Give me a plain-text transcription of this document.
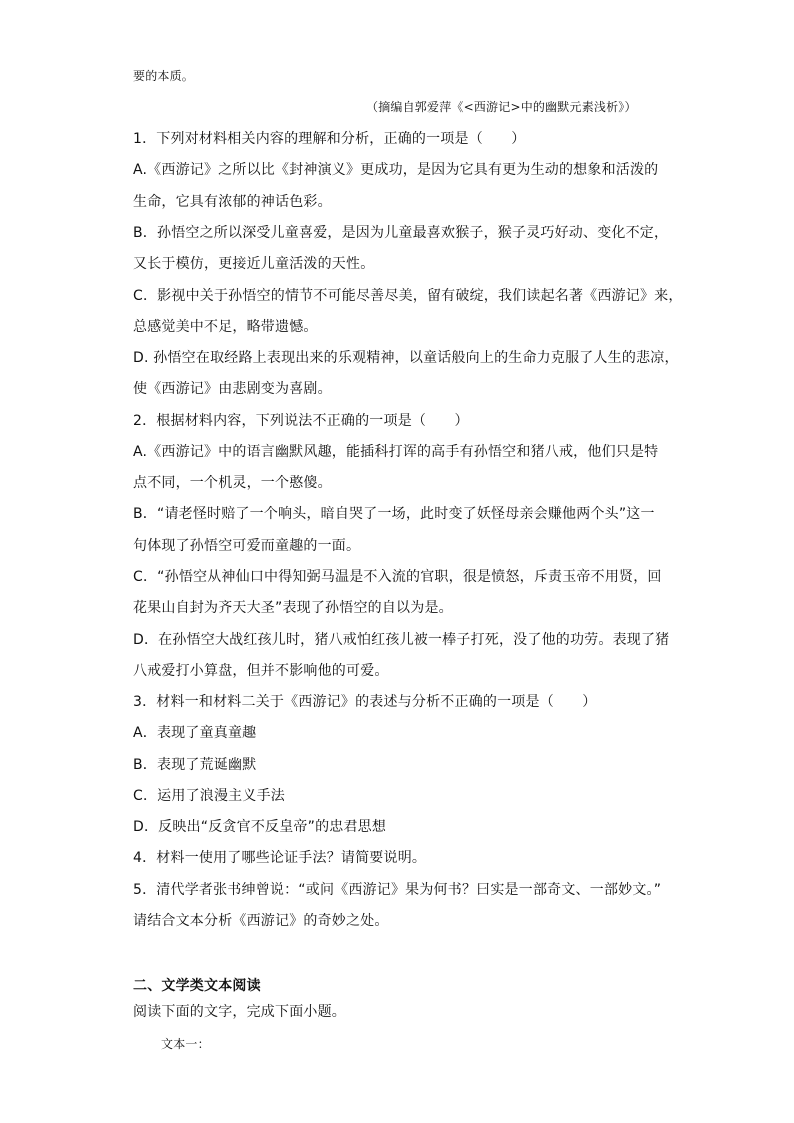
要的本质。
（摘编自郭爱萍《<西游记>中的幽默元素浅析》）
1．下列对材料相关内容的理解和分析，正确的一项是（　　）
A.《西游记》之所以比《封神演义》更成功，是因为它具有更为生动的想象和活泼的
生命，它具有浓郁的神话色彩。
B．孙悟空之所以深受儿童喜爱，是因为儿童最喜欢猴子，猴子灵巧好动、变化不定，
又长于模仿，更接近儿童活泼的天性。
C．影视中关于孙悟空的情节不可能尽善尽美，留有破绽，我们读起名著《西游记》来，
总感觉美中不足，略带遗憾。
D. 孙悟空在取经路上表现出来的乐观精神，以童话般向上的生命力克服了人生的悲凉，
使《西游记》由悲剧变为喜剧。
2．根据材料内容，下列说法不正确的一项是（　　）
A.《西游记》中的语言幽默风趣，能插科打诨的高手有孙悟空和猪八戒，他们只是特
点不同，一个机灵，一个憨傻。
B．“请老怪时赔了一个响头，暗自哭了一场，此时变了妖怪母亲会赚他两个头”这一
句体现了孙悟空可爱而童趣的一面。
C．“孙悟空从神仙口中得知弼马温是不入流的官职，很是愤怒，斥责玉帝不用贤，回
花果山自封为齐天大圣”表现了孙悟空的自以为是。
D．在孙悟空大战红孩儿时，猪八戒怕红孩儿被一棒子打死，没了他的功劳。表现了猪
八戒爱打小算盘，但并不影响他的可爱。
3．材料一和材料二关于《西游记》的表述与分析不正确的一项是（　　）
A．表现了童真童趣
B．表现了荒诞幽默
C．运用了浪漫主义手法
D．反映出“反贪官不反皇帝”的忠君思想
4．材料一使用了哪些论证手法？请简要说明。
5．清代学者张书绅曾说：“或问《西游记》果为何书？曰实是一部奇文、一部妙文。”
请结合文本分析《西游记》的奇妙之处。
二、文学类文本阅读
阅读下面的文字，完成下面小题。
文本一：
